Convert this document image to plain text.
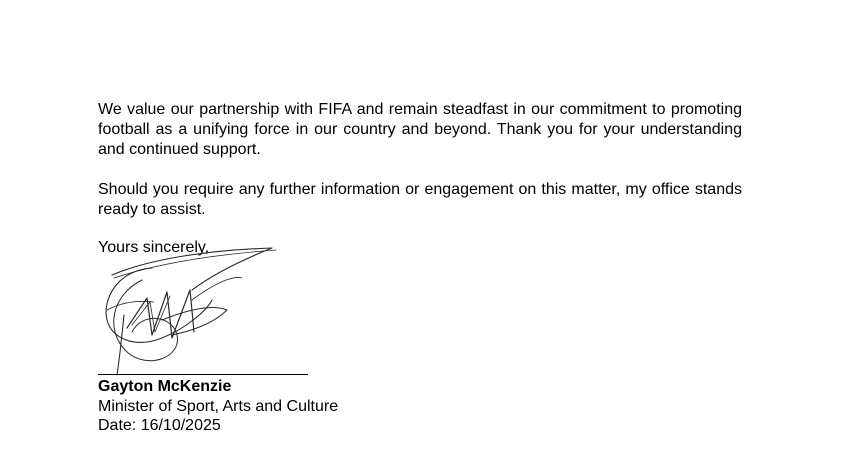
We value our partnership with FIFA and remain steadfast in our commitment to promoting football as a unifying force in our country and beyond. Thank you for your understanding and continued support.

Should you require any further information or engagement on this matter, my office stands ready to assist.

Yours sincerely,

Gayton McKenzie

Minister of Sport, Arts and Culture

Date: 16/10/2025
